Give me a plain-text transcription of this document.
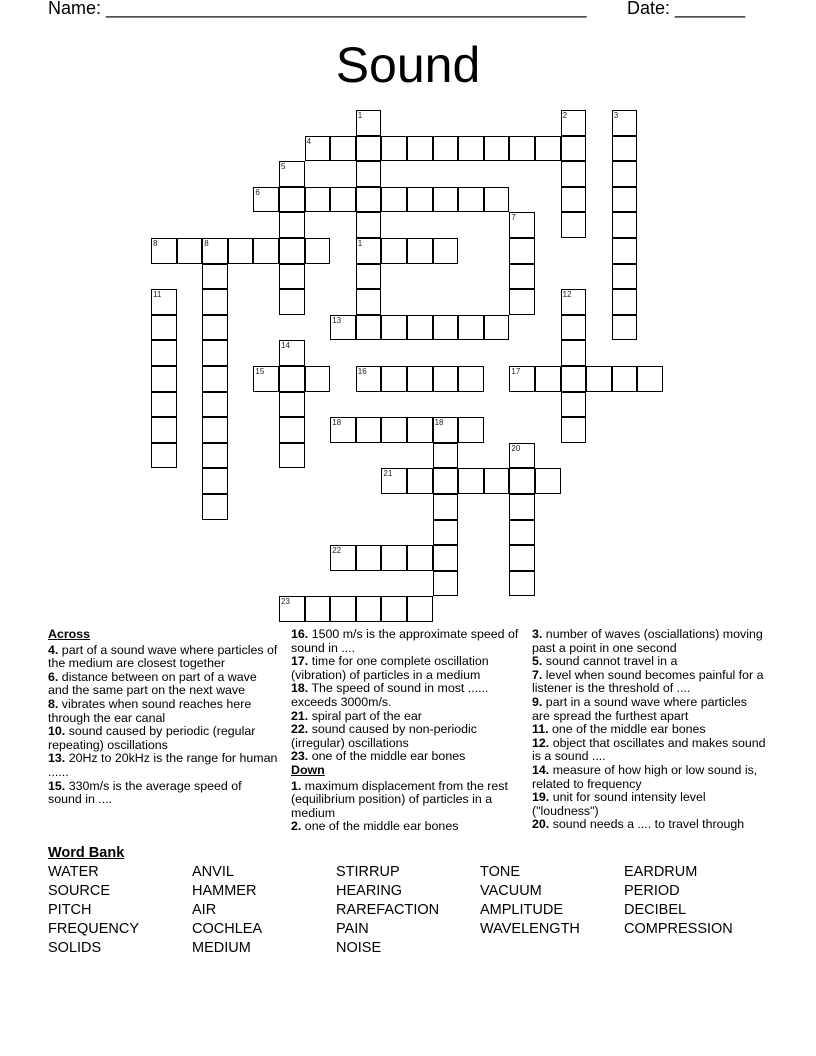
Name: ________________________________________________ Date: _______
Sound
1
1
2	3
4
5
6
7
8	8
11	12
13
14
15	16	17
18	18
20
21
22
23
Across
4. part of a sound wave where particles of the medium are closest together
6. distance between on part of a wave and the same part on the next wave
8. vibrates when sound reaches here through the ear canal
10. sound caused by periodic (regular repeating) oscillations
13. 20Hz to 20kHz is the range for human ......
15. 330m/s is the average speed of sound in ....
16. 1500 m/s is the approximate speed of sound in ....
17. time for one complete oscillation (vibration) of particles in a medium
18. The speed of sound in most ...... exceeds 3000m/s.
21. spiral part of the ear
22. sound caused by non-periodic (irregular) oscillations
23. one of the middle ear bones
Down
1. maximum displacement from the rest (equilibrium position) of particles in a medium
2. one of the middle ear bones
3. number of waves (osciallations) moving past a point in one second
5. sound cannot travel in a
7. level when sound becomes painful for a listener is the threshold of ....
9. part in a sound wave where particles are spread the furthest apart
11. one of the middle ear bones
12. object that oscillates and makes sound is a sound ....
14. measure of how high or low sound is, related to frequency
19. unit for sound intensity level ("loudness")
20. sound needs a .... to travel through
Word Bank
WATER	ANVIL	STIRRUP	TONE	EARDRUM
SOURCE	HAMMER	HEARING	VACUUM	PERIOD
PITCH	AIR	RAREFACTION	AMPLITUDE	DECIBEL
FREQUENCY	COCHLEA	PAIN	WAVELENGTH	COMPRESSION
SOLIDS	MEDIUM	NOISE
